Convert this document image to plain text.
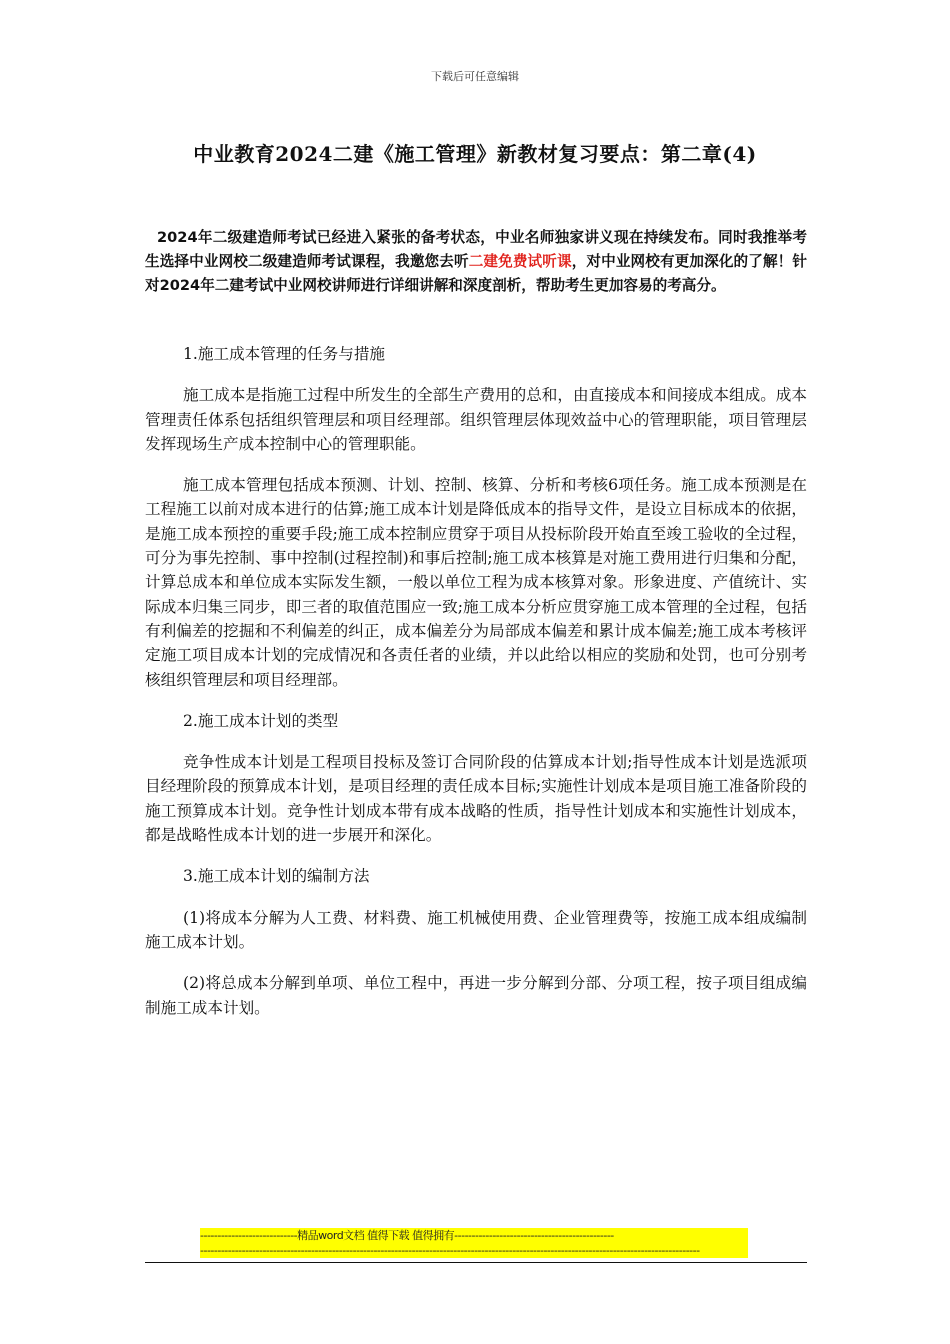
下载后可任意编辑
中业教育2024二建《施工管理》新教材复习要点：第二章(4)

2024年二级建造师考试已经进入紧张的备考状态，中业名师独家讲义现在持续发布。同时我推举考生选择中业网校二级建造师考试课程，我邀您去听二建免费试听课，对中业网校有更加深化的了解！针对2024年二建考试中业网校讲师进行详细讲解和深度剖析，帮助考生更加容易的考高分。

1.施工成本管理的任务与措施

施工成本是指施工过程中所发生的全部生产费用的总和，由直接成本和间接成本组成。成本管理责任体系包括组织管理层和项目经理部。组织管理层体现效益中心的管理职能，项目管理层发挥现场生产成本控制中心的管理职能。

施工成本管理包括成本预测、计划、控制、核算、分析和考核6项任务。施工成本预测是在工程施工以前对成本进行的估算;施工成本计划是降低成本的指导文件，是设立目标成本的依据，是施工成本预控的重要手段;施工成本控制应贯穿于项目从投标阶段开始直至竣工验收的全过程，可分为事先控制、事中控制(过程控制)和事后控制;施工成本核算是对施工费用进行归集和分配，计算总成本和单位成本实际发生额，一般以单位工程为成本核算对象。形象进度、产值统计、实际成本归集三同步，即三者的取值范围应一致;施工成本分析应贯穿施工成本管理的全过程，包括有利偏差的挖掘和不利偏差的纠正，成本偏差分为局部成本偏差和累计成本偏差;施工成本考核评定施工项目成本计划的完成情况和各责任者的业绩，并以此给以相应的奖励和处罚，也可分别考核组织管理层和项目经理部。

2.施工成本计划的类型

竞争性成本计划是工程项目投标及签订合同阶段的估算成本计划;指导性成本计划是选派项目经理阶段的预算成本计划，是项目经理的责任成本目标;实施性计划成本是项目施工准备阶段的施工预算成本计划。竞争性计划成本带有成本战略的性质，指导性计划成本和实施性计划成本，都是战略性成本计划的进一步展开和深化。

3.施工成本计划的编制方法

(1)将成本分解为人工费、材料费、施工机械使用费、企业管理费等，按施工成本组成编制施工成本计划。

(2)将总成本分解到单项、单位工程中，再进一步分解到分部、分项工程，按子项目组成编制施工成本计划。

----------------------------精品word文档 值得下载 值得拥有----------------------------------------------
------------------------------------------------------------------------------------------------------------------------------------------------
